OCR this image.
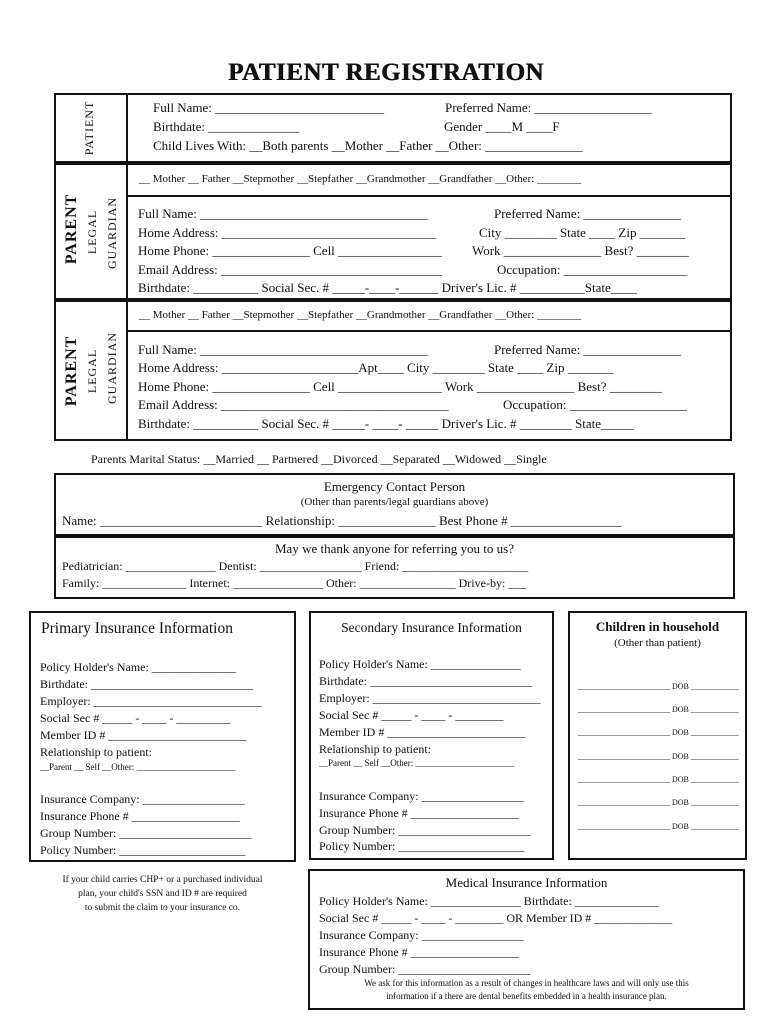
PATIENT REGISTRATION
PATIENT	Full Name: __________________________	Preferred Name: __________________
Birthdate: ______________	Gender ____M ____F
Child Lives With: __Both parents __Mother __Father __Other: _______________
PARENT LEGAL GUARDIAN
__ Mother __ Father __Stepmother __Stepfather __Grandmother __Grandfather __Other: ________
Full Name: ___________________________________	Preferred Name: _______________
Home Address: _________________________________	City ________ State ____ Zip _______
Home Phone: _______________ Cell ________________ Work _______________ Best? ________
Email Address: __________________________________	Occupation: ___________________
Birthdate: __________ Social Sec. # _____-____-______ Driver's Lic. # __________State____
PARENT LEGAL GUARDIAN
__ Mother __ Father __Stepmother __Stepfather __Grandmother __Grandfather __Other: ________
Full Name: ___________________________________	Preferred Name: _______________
Home Address: _____________________Apt____ City ________ State ____ Zip _______
Home Phone: _______________ Cell ________________ Work _______________ Best? ________
Email Address: ___________________________________	Occupation: __________________
Birthdate: __________ Social Sec. # _____- ____- _____ Driver's Lic. # ________ State_____
Parents Marital Status: __Married __ Partnered __Divorced __Separated __Widowed __Single
Emergency Contact Person
(Other than parents/legal guardians above)
Name: _________________________ Relationship: _______________ Best Phone # _________________
May we thank anyone for referring you to us?
Pediatrician: _______________ Dentist: _________________ Friend: _____________________
Family: ______________ Internet: _______________ Other: ________________ Drive-by: ___
Primary Insurance Information
Policy Holder's Name: ______________
Birthdate: ___________________________
Employer: ____________________________
Social Sec # _____ - ____ - _________
Member ID # _______________________
Relationship to patient:
__Parent __ Self __Other: ______________________
Insurance Company: _________________
Insurance Phone # __________________
Group Number: ______________________
Policy Number: _____________________
If your child carries CHP+ or a purchased individual
plan, your child's SSN and ID # are required
to submit the claim to your insurance co.
Secondary Insurance Information
Policy Holder's Name: _______________
Birthdate: ___________________________
Employer: ____________________________
Social Sec # _____ - ____ - ________
Member ID # _______________________
Relationship to patient:
__Parent __ Self __Other: ______________________
Insurance Company: _________________
Insurance Phone # __________________
Group Number: ______________________
Policy Number: _____________________
Children in household
(Other than patient)
_______________________ DOB ____________
_______________________ DOB ____________
_______________________ DOB ____________
_______________________ DOB ____________
_______________________ DOB ____________
_______________________ DOB ____________
_______________________ DOB ____________
Medical Insurance Information
Policy Holder's Name: _______________ Birthdate: ______________
Social Sec # _____ - ____ - ________ OR Member ID # _____________
Insurance Company: _________________
Insurance Phone # __________________
Group Number: ______________________
We ask for this information as a result of changes in healthcare laws and will only use this
information if a there are dental benefits embedded in a health insurance plan.
